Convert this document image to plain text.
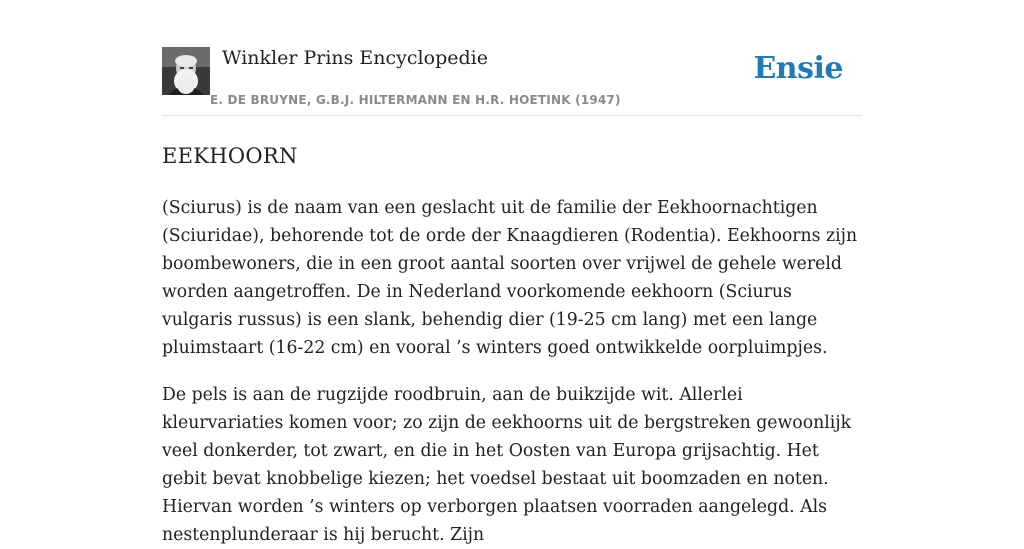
Winkler Prins Encyclopedie
E. DE BRUYNE, G.B.J. HILTERMANN EN H.R. HOETINK (1947)
Ensie
EEKHOORN

(Sciurus) is de naam van een geslacht uit de familie der Eekhoornachtigen (Sciuridae), behorende tot de orde der Knaagdieren (Rodentia). Eekhoorns zijn boombewoners, die in een groot aantal soorten over vrijwel de gehele wereld worden aangetroffen. De in Nederland voorkomende eekhoorn (Sciurus vulgaris russus) is een slank, behendig dier (19-25 cm lang) met een lange pluimstaart (16-22 cm) en vooral ’s winters goed ontwikkelde oorpluimpjes.

De pels is aan de rugzijde roodbruin, aan de buikzijde wit. Allerlei kleurvariaties komen voor; zo zijn de eekhoorns uit de bergstreken gewoonlijk veel donkerder, tot zwart, en die in het Oosten van Europa grijsachtig. Het gebit bevat knobbelige kiezen; het voedsel bestaat uit boomzaden en noten. Hiervan worden ’s winters op verborgen plaatsen voorraden aangelegd. Als nestenplunderaar is hij berucht. Zijn
